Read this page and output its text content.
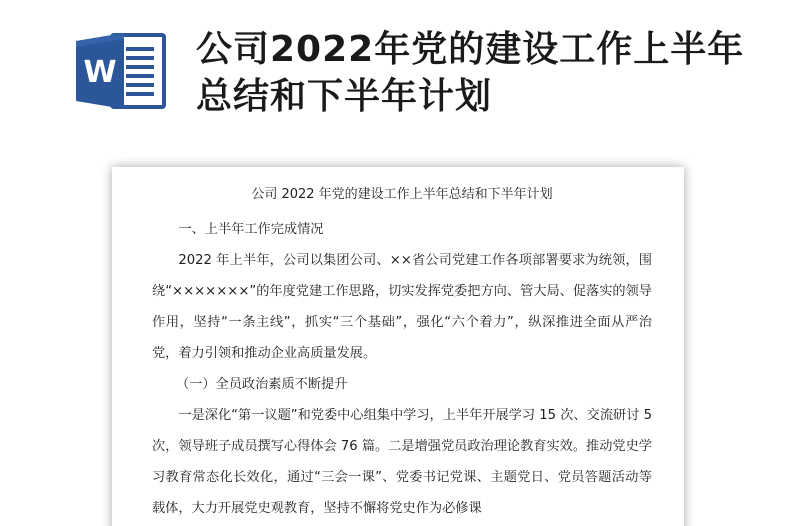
W
公司2022年党的建设工作上半年总结和下半年计划
公司 2022 年党的建设工作上半年总结和下半年计划

一、上半年工作完成情况

2022 年上半年，公司以集团公司、××省公司党建工作各项部署要求为统领，围绕“×××××××”的年度党建工作思路，切实发挥党委把方向、管大局、促落实的领导作用，坚持“一条主线”，抓实“三个基础”，强化“六个着力”，纵深推进全面从严治党，着力引领和推动企业高质量发展。

（一）全员政治素质不断提升

一是深化“第一议题”和党委中心组集中学习，上半年开展学习 15 次、交流研讨 5 次，领导班子成员撰写心得体会 76 篇。二是增强党员政治理论教育实效。推动党史学习教育常态化长效化，通过“三会一课”、党委书记党课、主题党日、党员答题活动等载体，大力开展党史观教育，坚持不懈将党史作为必修课
